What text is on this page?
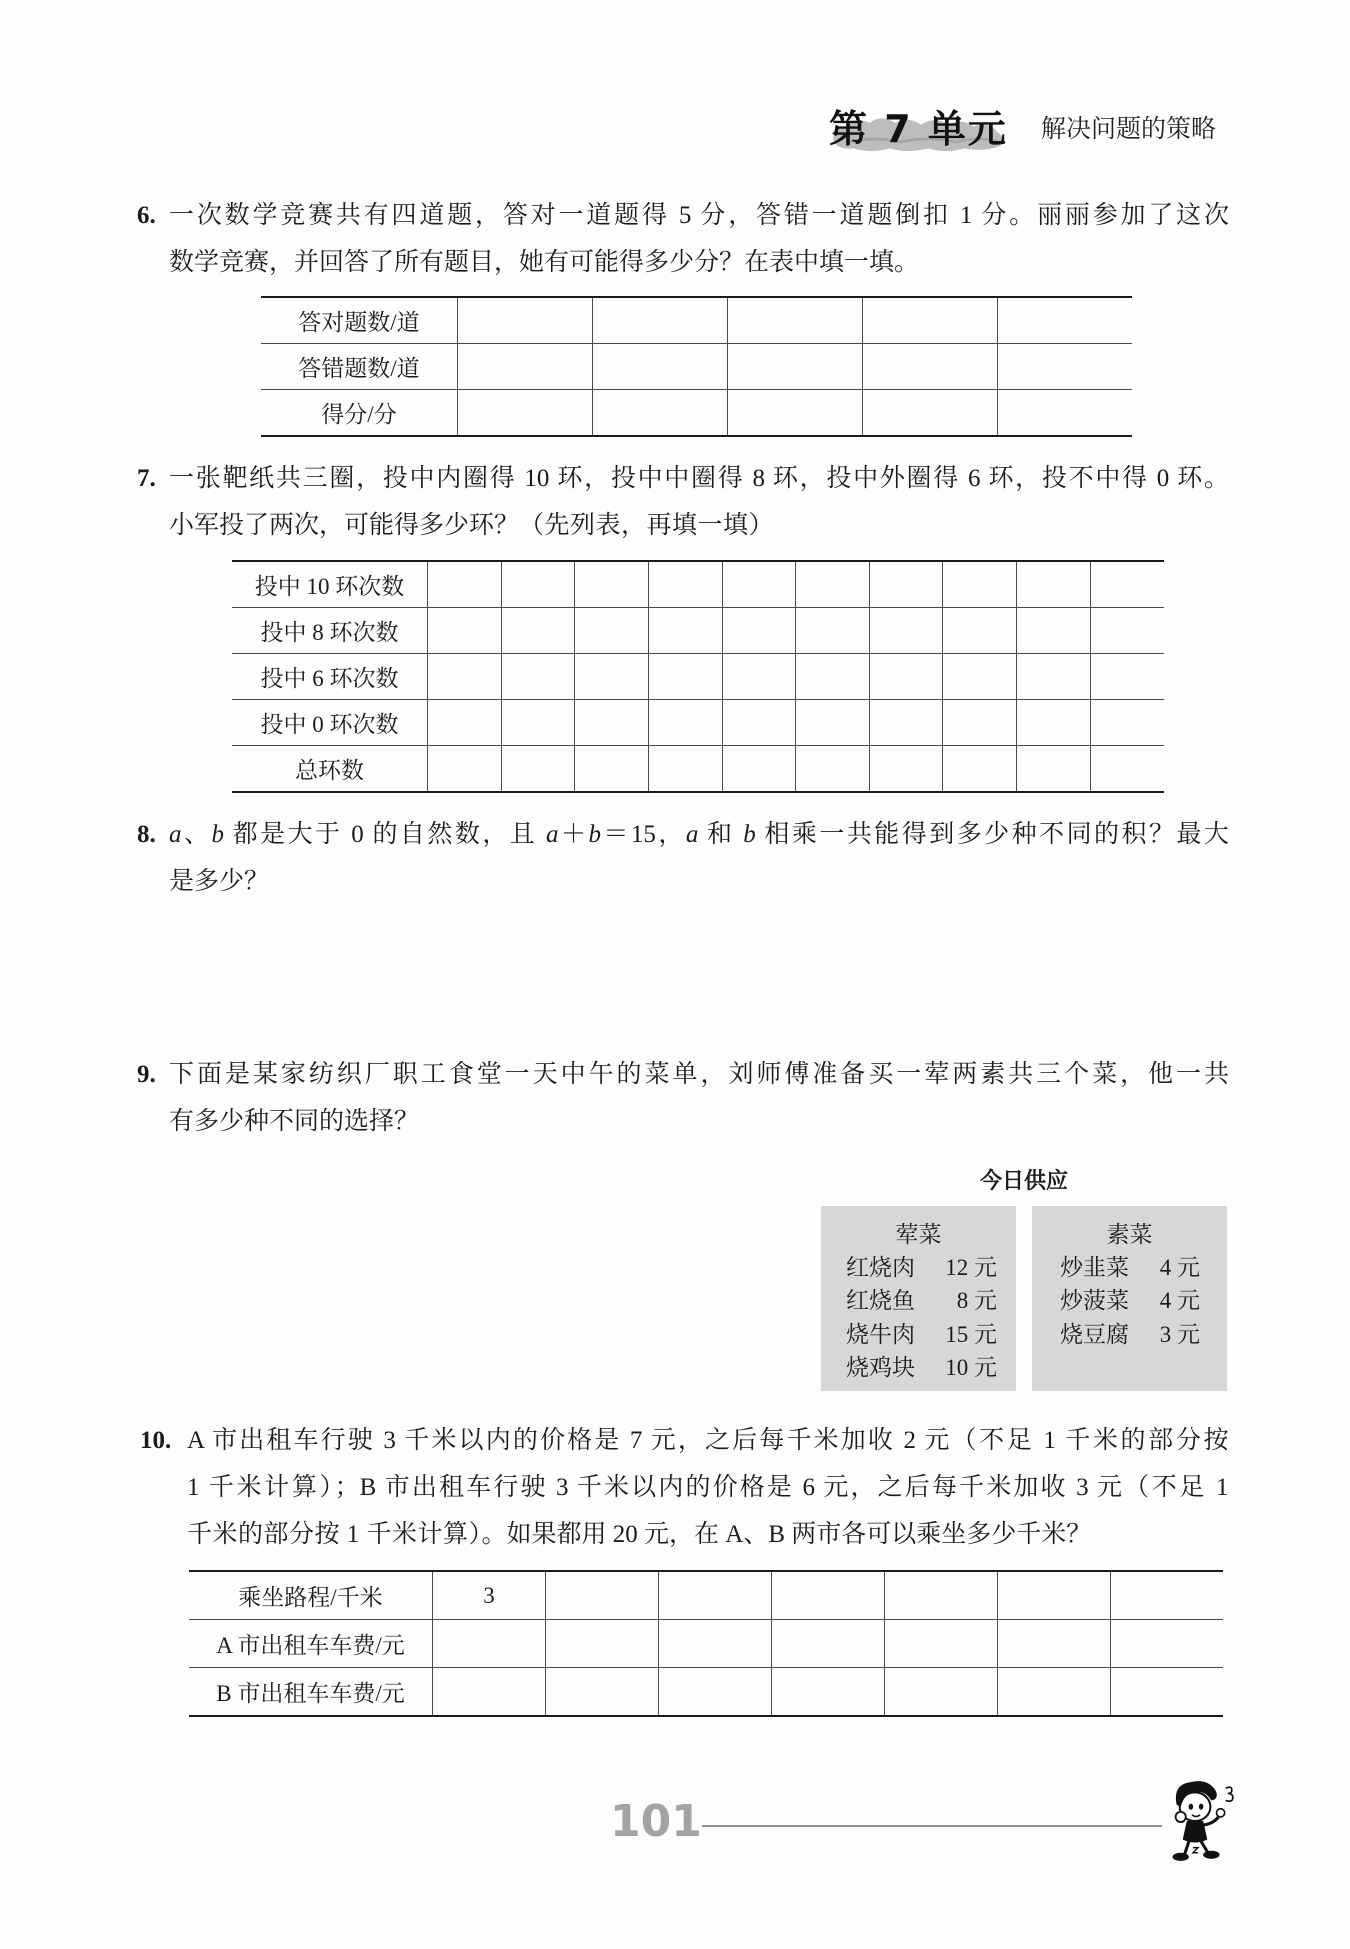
第 7 单元 解决问题的策略
6. 一次数学竞赛共有四道题，答对一道题得 5 分，答错一道题倒扣 1 分。丽丽参加了这次
数学竞赛，并回答了所有题目，她有可能得多少分？在表中填一填。
答对题数/道					
答错题数/道					
得分/分					
7. 一张靶纸共三圈，投中内圈得 10 环，投中中圈得 8 环，投中外圈得 6 环，投不中得 0 环。
小军投了两次，可能得多少环？（先列表，再填一填）
投中 10 环次数										
投中 8 环次数										
投中 6 环次数										
投中 0 环次数										
总环数										
8. a、b 都是大于 0 的自然数，且 a＋b＝15，a 和 b 相乘一共能得到多少种不同的积？最大
是多少？
9. 下面是某家纺织厂职工食堂一天中午的菜单，刘师傅准备买一荤两素共三个菜，他一共
有多少种不同的选择？
今日供应
荤菜
红烧肉 12 元
红烧鱼 8 元
烧牛肉 15 元
烧鸡块 10 元
素菜
炒韭菜 4 元
炒菠菜 4 元
烧豆腐 3 元
10. A 市出租车行驶 3 千米以内的价格是 7 元，之后每千米加收 2 元（不足 1 千米的部分按
1 千米计算）；B 市出租车行驶 3 千米以内的价格是 6 元，之后每千米加收 3 元（不足 1
千米的部分按 1 千米计算）。如果都用 20 元，在 A、B 两市各可以乘坐多少千米？
乘坐路程/千米	3						
A 市出租车车费/元							
B 市出租车车费/元							
101
